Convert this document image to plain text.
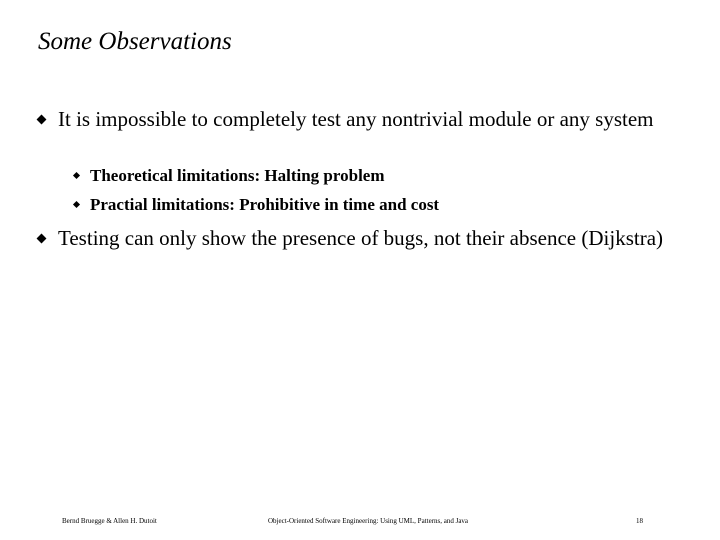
Some Observations
It is impossible to completely test any nontrivial module or any system
Theoretical limitations: Halting problem
Practial limitations: Prohibitive in time and cost
Testing can only show the presence of bugs, not their absence (Dijkstra)
Bernd Bruegge & Allen H. Dutoit	Object-Oriented Software Engineering: Using UML, Patterns, and Java	18
